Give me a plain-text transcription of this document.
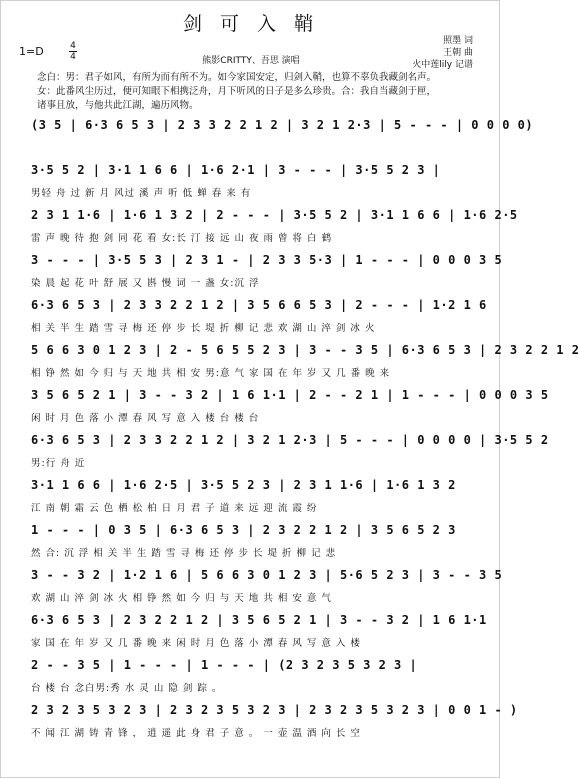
剑 可 入 鞘
照墨 词
王朝 曲
火中莲lily 记谱
1=D	4
4	熊影CRITTY、吾思 演唱
念白：男：君子如风，有所为而有所不为。如今家国安定，归剑入鞘，也算不辜负我藏剑名声。
女：此番风尘历过，便可知眼下相携泛舟，月下听风的日子是多么珍贵。合：我自当藏剑于匣，
诸事且放，与他共此江湖，遍历风物。
(3 5 | 6·3 6 5 3 | 2 3 3 2 2 1 2 | 3 2 1 2·3 | 5 - - - | 0 0 0 0)
3·5 5 2 | 3·1 1 6 6 | 1·6 2·1 | 3 - - - | 3·5 5 2 3 |
男轻 舟 过 新 月 风过 溪 声 听 低 蝉 春 来 有
2 3 1 1·6 | 1·6 1 3 2 | 2 - - - | 3·5 5 2 | 3·1 1 6 6 | 1·6 2·5
雷 声 晚 待 抱 剑 同 花 看 女:长 汀 接 远 山 夜 雨 曾 将 白 鹤
3 - - - | 3·5 5 3 | 2 3 1 - | 2 3 3 5·3 | 1 - - - | 0 0 0 3 5
染 晨 起 花 叶 舒 展 又 斟 慢 词 一 盏 女:沉 浮
6·3 6 5 3 | 2 3 3 2 2 1 2 | 3 5 6 6 5 3 | 2 - - - | 1·2 1 6
相 关 半 生 踏 雪 寻 梅 还 停 步 长 堤 折 柳 记 悲 欢 湖 山 淬 剑 冰 火
5 6 6 3 0 1 2 3 | 2 - 5 6 5 5 2 3 | 3 - - 3 5 | 6·3 6 5 3 | 2 3 2 2 1 2
相 铮 然 如 今 归 与 天 地 共 相 安 男:意 气 家 国 在 年 岁 又 几 番 晚 来
3 5 6 5 2 1 | 3 - - 3 2 | 1 6 1·1 | 2 - - 2 1 | 1 - - - | 0 0 0 3 5
闲 时 月 色 落 小 潭 春 风 写 意 入 楼 台 楼 台
6·3 6 5 3 | 2 3 3 2 2 1 2 | 3 2 1 2·3 | 5 - - - | 0 0 0 0 | 3·5 5 2
男:行 舟 近
3·1 1 6 6 | 1·6 2·5 | 3·5 5 2 3 | 2 3 1 1·6 | 1·6 1 3 2
江 南 朝 霜 云 色 栖 松 柏 日 月 君 子 道 来 远 迎 流 霞 纷
1 - - - | 0 3 5 | 6·3 6 5 3 | 2 3 2 2 1 2 | 3 5 6 5 2 3
然 合: 沉 浮 相 关 半 生 踏 雪 寻 梅 还 停 步 长 堤 折 柳 记 悲
3 - - 3 2 | 1·2 1 6 | 5 6 6 3 0 1 2 3 | 5·6 5 2 3 | 3 - - 3 5
欢 湖 山 淬 剑 冰 火 相 铮 然 如 今 归 与 天 地 共 相 安 意 气
6·3 6 5 3 | 2 3 2 2 1 2 | 3 5 6 5 2 1 | 3 - - 3 2 | 1 6 1·1
家 国 在 年 岁 又 几 番 晚 来 闲 时 月 色 落 小 潭 春 风 写 意 入 楼
2 - - 3 5 | 1 - - - | 1 - - - | (2 3 2 3 5 3 2 3 |
台 楼 台 念白男:秀 水 灵 山 隐 剑 踪 。
2 3 2 3 5 3 2 3 | 2 3 2 3 5 3 2 3 | 2 3 2 3 5 3 2 3 | 0 0 1 - )
不 闻 江 湖 铸 青 锋 ， 逍 遥 此 身 君 子 意 。 一 壶 温 酒 向 长 空
